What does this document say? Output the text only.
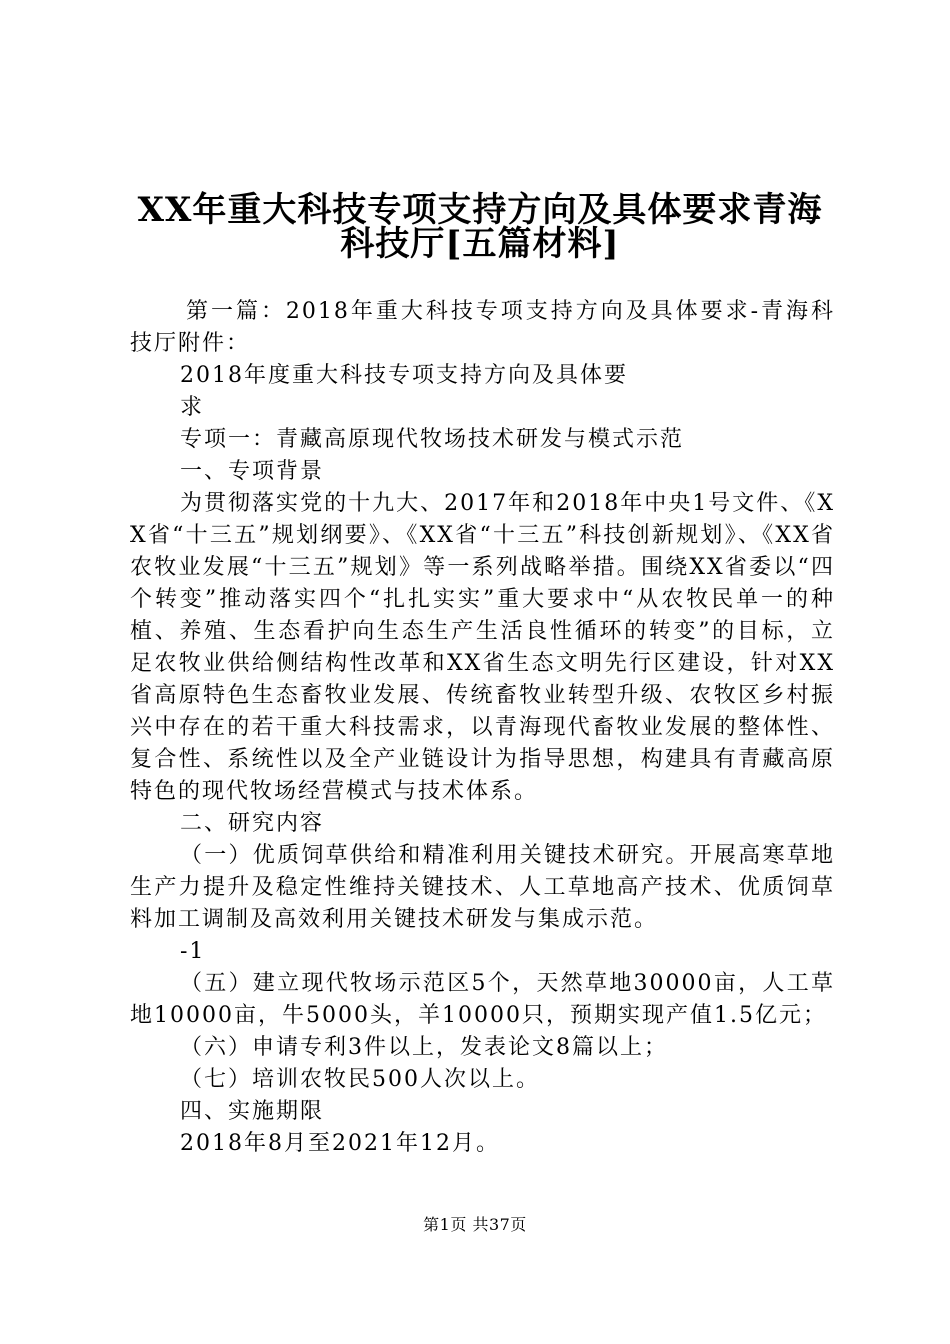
XX年重大科技专项支持方向及具体要求青海
科技厅[五篇材料]

第一篇：2018年重大科技专项支持方向及具体要求-青海科技厅附件：

2018年度重大科技专项支持方向及具体要

求

专项一：青藏高原现代牧场技术研发与模式示范

一、专项背景

为贯彻落实党的十九大、2017年和2018年中央1号文件、《XX省“十三五”规划纲要》、《XX省“十三五”科技创新规划》、《XX省农牧业发展“十三五”规划》等一系列战略举措。围绕XX省委以“四个转变”推动落实四个“扎扎实实”重大要求中“从农牧民单一的种植、养殖、生态看护向生态生产生活良性循环的转变”的目标，立足农牧业供给侧结构性改革和XX省生态文明先行区建设，针对XX省高原特色生态畜牧业发展、传统畜牧业转型升级、农牧区乡村振兴中存在的若干重大科技需求，以青海现代畜牧业发展的整体性、复合性、系统性以及全产业链设计为指导思想，构建具有青藏高原特色的现代牧场经营模式与技术体系。

二、研究内容

（一）优质饲草供给和精准利用关键技术研究。开展高寒草地生产力提升及稳定性维持关键技术、人工草地高产技术、优质饲草料加工调制及高效利用关键技术研发与集成示范。

-1

（五）建立现代牧场示范区5个，天然草地30000亩，人工草地10000亩，牛5000头，羊10000只，预期实现产值1.5亿元；

（六）申请专利3件以上，发表论文8篇以上；

（七）培训农牧民500人次以上。

四、实施期限

2018年8月至2021年12月。

第1页 共37页
